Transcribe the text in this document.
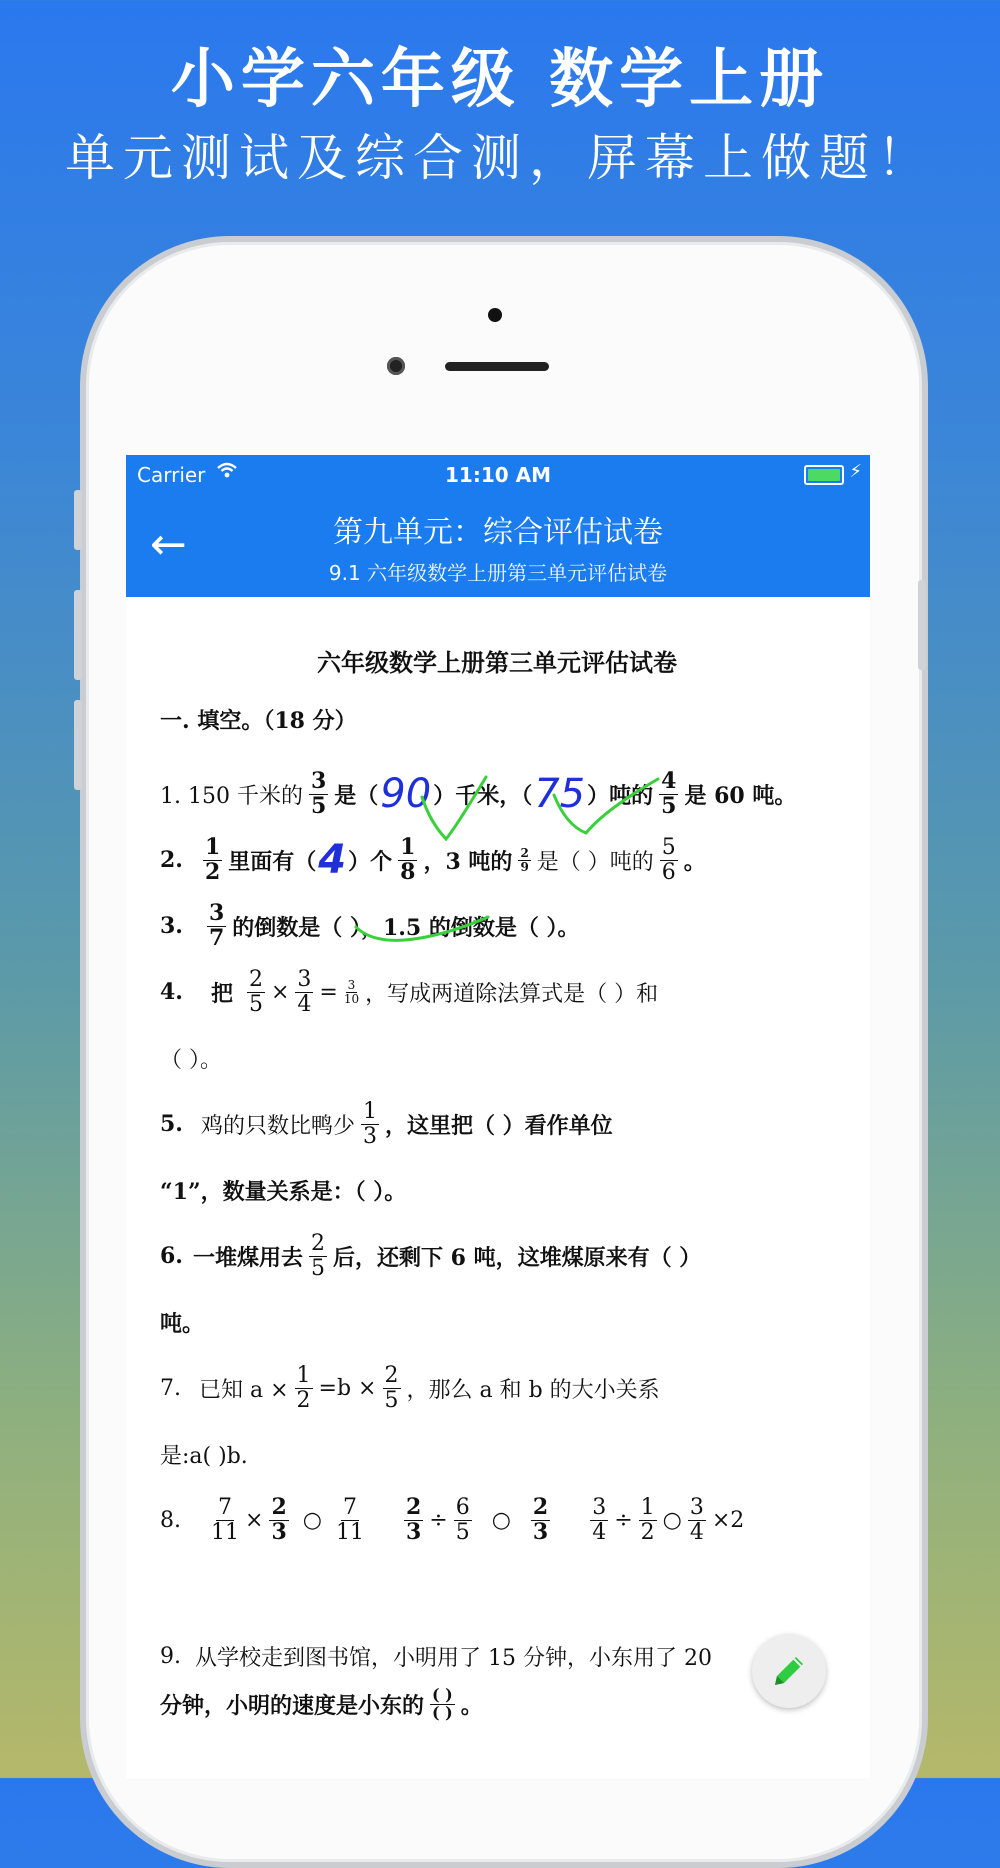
小学六年级 数学上册
单元测试及综合测，屏幕上做题！
Carrier	11:10 AM	⚡
←	第九单元：综合评估试卷
9.1 六年级数学上册第三单元评估试卷
六年级数学上册第三单元评估试卷
一. 填空。（18 分）
1. 150 千米的 $\frac{3}{5}$ 是（ 90 ）千米，（ 75 ）吨的 $\frac{4}{5}$ 是 60 吨。
2. $\frac{1}{2}$ 里面有（ 4 ）个 $\frac{1}{8}$ ，3 吨的 $\frac{2}{9}$ 是（ ）吨的 $\frac{5}{6}$ 。
3. $\frac{3}{7}$ 的倒数是（ ），1.5 的倒数是（ ）。
4. 把 $\frac{2}{5} \times \frac{3}{4} = \frac{3}{10}$ ，写成两道除法算式是（ ）和
（ ）。
5. 鸡的只数比鸭少 $\frac{1}{3}$ ，这里把（ ）看作单位
“1”，数量关系是：（ ）。
6. 一堆煤用去 $\frac{2}{5}$ 后，还剩下 6 吨，这堆煤原来有（ ）
吨。
7. 已知 $a \times \frac{1}{2} =b \times \frac{2}{5}$ ，那么 a 和 b 的大小关系
是:a( )b.
8. $\frac{7}{11} \times \frac{2}{3}$ ○ $\frac{7}{11} \frac{2}{3} \div \frac{6}{5}$ ○ $\frac{2}{3} \frac{3}{4} \div \frac{1}{2}$ ○ $\frac{3}{4} \times 2$
9. 从学校走到图书馆，小明用了 15 分钟，小东用了 20
分钟，小明的速度是小东的 $\frac{( )}{( )}$ 。
